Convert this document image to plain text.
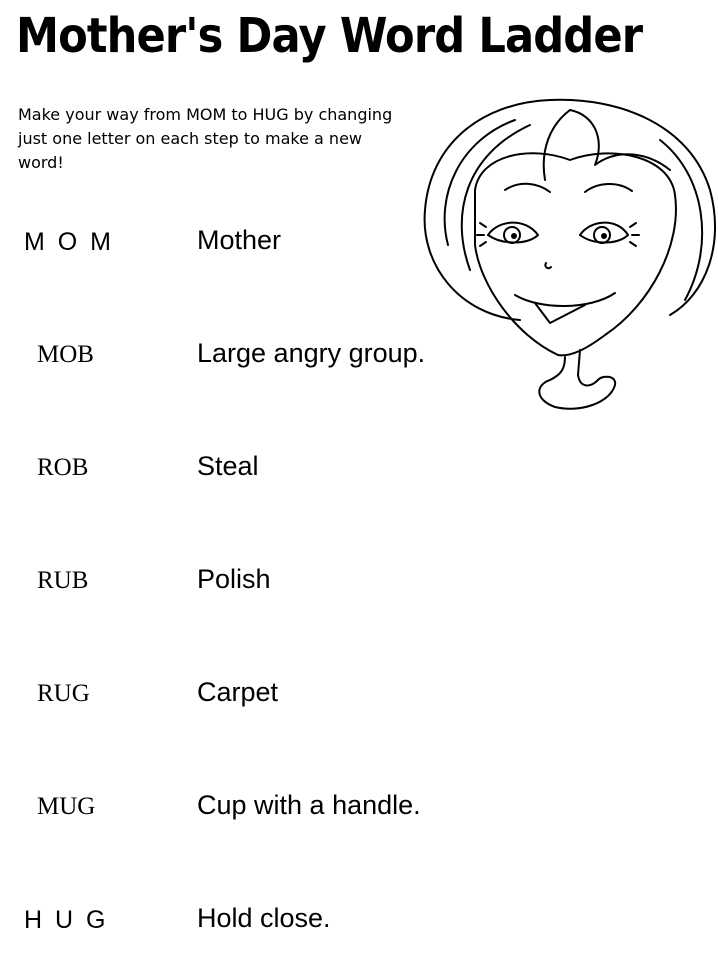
Mother's Day Word Ladder
Make your way from MOM to HUG by changing just one letter on each step to make a new word!
M O M	Mother
MOB	Large angry group.
ROB	Steal
RUB	Polish
RUG	Carpet
MUG	Cup with a handle.
H U G	Hold close.
